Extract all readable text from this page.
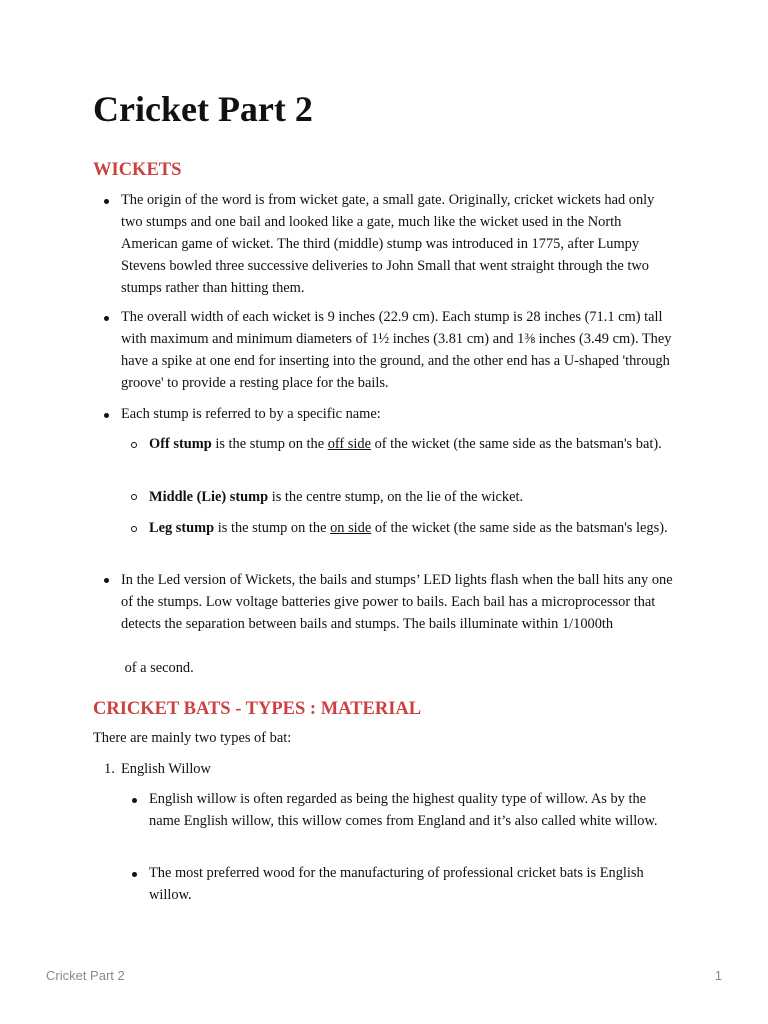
Cricket Part 2
WICKETS

The origin of the word is from wicket gate, a small gate. Originally, cricket wickets had only two stumps and one bail and looked like a gate, much like the wicket used in the North American game of wicket. The third (middle) stump was introduced in 1775, after Lumpy Stevens bowled three successive deliveries to John Small that went straight through the two stumps rather than hitting them.

The overall width of each wicket is 9 inches (22.9 cm). Each stump is 28 inches (71.1 cm) tall with maximum and minimum diameters of 1½ inches (3.81 cm) and 1⅜ inches (3.49 cm). They have a spike at one end for inserting into the ground, and the other end has a U-shaped 'through groove' to provide a resting place for the bails.

Each stump is referred to by a specific name:

Off stump is the stump on the off side of the wicket (the same side as the batsman's bat).

Middle (Lie) stump is the centre stump, on the lie of the wicket.

Leg stump is the stump on the on side of the wicket (the same side as the batsman's legs).

In the Led version of Wickets, the bails and stumps’ LED lights flash when the ball hits any one of the stumps. Low voltage batteries give power to bails. Each bail has a microprocessor that detects the separation between bails and stumps. The bails illuminate within 1/1000th

of a second.

CRICKET BATS - TYPES : MATERIAL

There are mainly two types of bat:

1. English Willow

English willow is often regarded as being the highest quality type of willow. As by the name English willow, this willow comes from England and it’s also called white willow.

The most preferred wood for the manufacturing of professional cricket bats is English willow.

Cricket Part 2	1
